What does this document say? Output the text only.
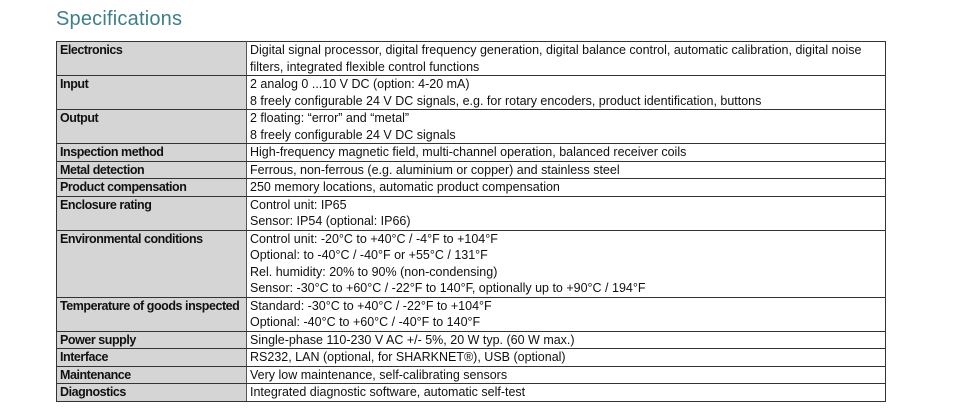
Specifications
Electronics	Digital signal processor, digital frequency generation, digital balance control, automatic calibration, digital noise filters, integrated flexible control functions

Input	2 analog 0 ...10 V DC (option: 4-20 mA)
8 freely configurable 24 V DC signals, e.g. for rotary encoders, product identification, buttons

Output	2 floating: “error” and “metal”
8 freely configurable 24 V DC signals

Inspection method	High-frequency magnetic field, multi-channel operation, balanced receiver coils

Metal detection	Ferrous, non-ferrous (e.g. aluminium or copper) and stainless steel

Product compensation	250 memory locations, automatic product compensation

Enclosure rating	Control unit: IP65
Sensor: IP54 (optional: IP66)

Environmental conditions	Control unit: -20°C to +40°C / -4°F to +104°F
Optional: to -40°C / -40°F or +55°C / 131°F
Rel. humidity: 20% to 90% (non-condensing)
Sensor: -30°C to +60°C / -22°F to 140°F, optionally up to +90°C / 194°F

Temperature of goods inspected	Standard: -30°C to +40°C / -22°F to +104°F
Optional: -40°C to +60°C / -40°F to 140°F

Power supply	Single-phase 110-230 V AC +/- 5%, 20 W typ. (60 W max.)

Interface	RS232, LAN (optional, for SHARKNET®), USB (optional)

Maintenance	Very low maintenance, self-calibrating sensors

Diagnostics	Integrated diagnostic software, automatic self-test
